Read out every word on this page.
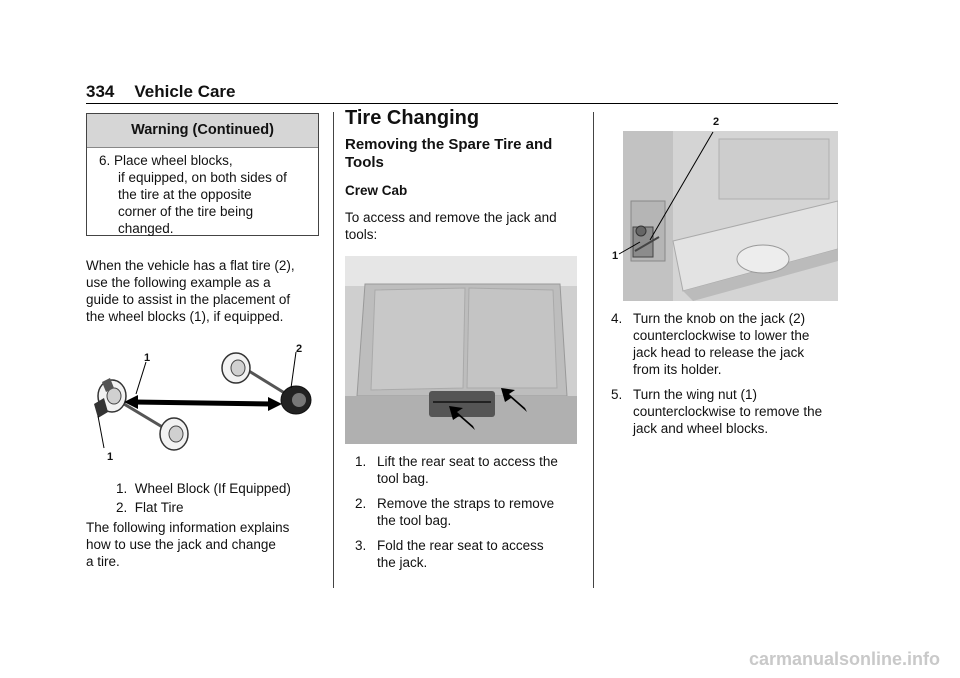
334 Vehicle Care
Warning (Continued)
6. Place wheel blocks,
if equipped, on both sides of
the tire at the opposite
corner of the tire being
changed.
When the vehicle has a flat tire (2),
use the following example as a
guide to assist in the placement of
the wheel blocks (1), if equipped.
1
1
2
1. Wheel Block (If Equipped)
2. Flat Tire
The following information explains
how to use the jack and change
a tire.
Tire Changing
Removing the Spare Tire and
Tools
Crew Cab
To access and remove the jack and
tools:
1. Lift the rear seat to access the
tool bag.
2. Remove the straps to remove
the tool bag.
3. Fold the rear seat to access
the jack.
2
1
4. Turn the knob on the jack (2)
counterclockwise to lower the
jack head to release the jack
from its holder.
5. Turn the wing nut (1)
counterclockwise to remove the
jack and wheel blocks.
carmanualsonline.info
